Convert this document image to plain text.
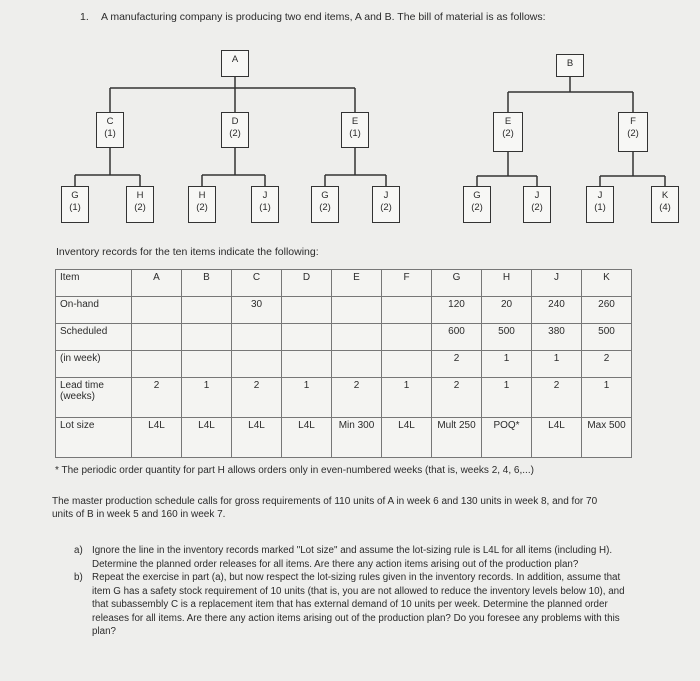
1. A manufacturing company is producing two end items, A and B. The bill of material is as follows:
A	B
C
(1)
D
(2)
E
(1)
E
(2)
F
(2)
G
(1)
H
(2)
H
(2)
J
(1)
G
(2)
J
(2)
G
(2)
J
(2)
J
(1)
K
(4)
Inventory records for the ten items indicate the following:
Item	A	B	C	D	E	F	G	H	J	K
On-hand			30				120	20	240	260
Scheduled							600	500	380	500
(in week)							2	1	1	2
Lead time (weeks)	2	1	2	1	2	1	2	1	2	1
Lot size	L4L	L4L	L4L	L4L	Min 300	L4L	Mult 250	POQ*	L4L	Max 500
* The periodic order quantity for part H allows orders only in even-numbered weeks (that is, weeks 2, 4, 6,...)
The master production schedule calls for gross requirements of 110 units of A in week 6 and 130 units in week 8, and for 70 units of B in week 5 and 160 in week 7.
a) Ignore the line in the inventory records marked "Lot size" and assume the lot-sizing rule is L4L for all items (including H). Determine the planned order releases for all items. Are there any action items arising out of the production plan?
b) Repeat the exercise in part (a), but now respect the lot-sizing rules given in the inventory records. In addition, assume that item G has a safety stock requirement of 10 units (that is, you are not allowed to reduce the inventory levels below 10), and that subassembly C is a replacement item that has external demand of 10 units per week. Determine the planned order releases for all items. Are there any action items arising out of the production plan? Do you foresee any problems with this plan?
